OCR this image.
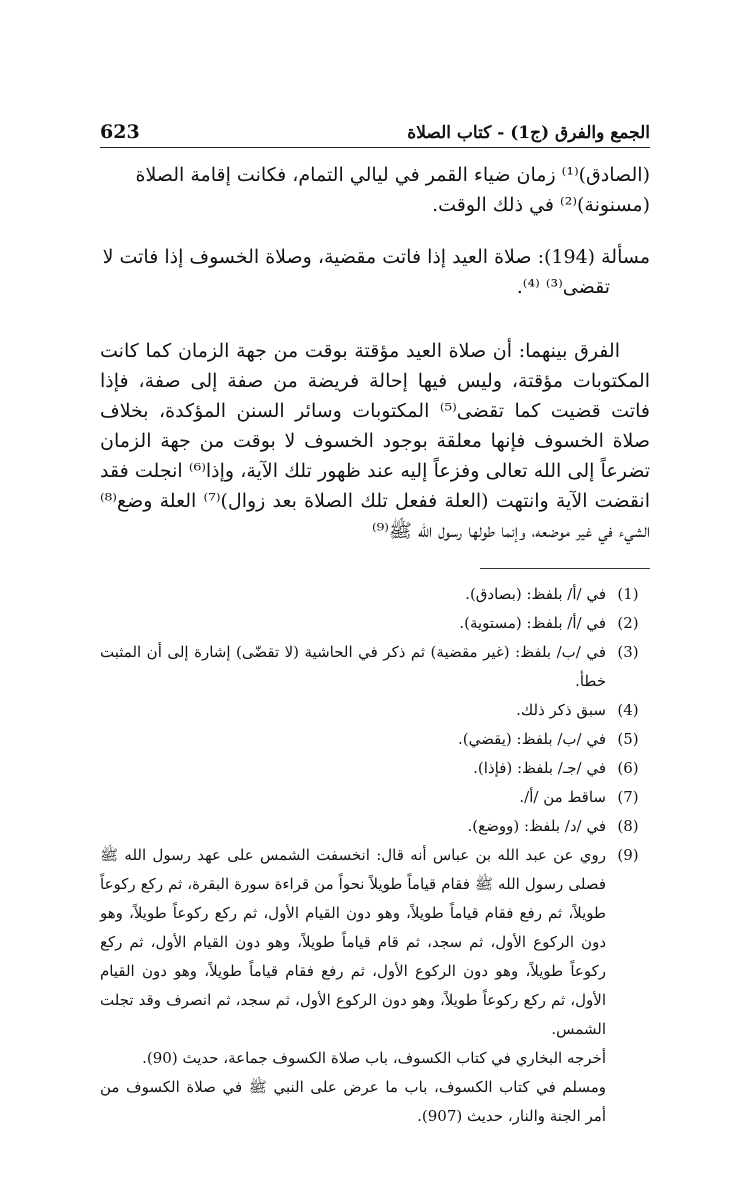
623	الجمع والفرق (ج1) - كتاب الصلاة

(الصادق)⁽¹⁾ زمان ضياء القمر في ليالي التمام، فكانت إقامة الصلاة
(مسنونة)⁽²⁾ في ذلك الوقت.

مسألة (194): صلاة العيد إذا فاتت مقضية، وصلاة الخسوف إذا فاتت لا
تقضى⁽³⁾ ⁽⁴⁾.

الفرق بينهما: أن صلاة العيد مؤقتة بوقت من جهة الزمان كما كانت المكتوبات مؤقتة، وليس فيها إحالة فريضة من صفة إلى صفة، فإذا فاتت قضيت كما تقضى⁽⁵⁾ المكتوبات وسائر السنن المؤكدة، بخلاف صلاة الخسوف فإنها معلقة بوجود الخسوف لا بوقت من جهة الزمان تضرعاً إلى الله تعالى وفزعاً إليه عند ظهور تلك الآية، وإذا⁽⁶⁾ انجلت فقد انقضت الآية وانتهت (العلة ففعل تلك الصلاة بعد زوال)⁽⁷⁾ العلة وضع⁽⁸⁾ الشيء في غير موضعه، وإنما طولها رسول الله ﷺ⁽⁹⁾

(1)
في /أ/ بلفظ: (بصادق).
(2)
في /أ/ بلفظ: (مستوية).
(3)
في /ب/ بلفظ: (غير مقضية) ثم ذكر في الحاشية (لا تقضّى) إشارة إلى أن المثبت خطأ.
(4)
سبق ذكر ذلك.
(5)
في /ب/ بلفظ: (يقضي).
(6)
في /جـ/ بلفظ: (فإذا).
(7)
ساقط من /أ/.
(8)
في /د/ بلفظ: (ووضع).
(9)
روي عن عبد الله بن عباس أنه قال: انخسفت الشمس على عهد رسول الله ﷺ فصلى رسول الله ﷺ فقام قياماً طويلاً نحواً من قراءة سورة البقرة، ثم ركع ركوعاً طويلاً، ثم رفع فقام قياماً طويلاً، وهو دون القيام الأول، ثم ركع ركوعاً طويلاً، وهو دون الركوع الأول، ثم سجد، ثم قام قياماً طويلاً، وهو دون القيام الأول، ثم ركع ركوعاً طويلاً، وهو دون الركوع الأول، ثم رفع فقام قياماً طويلاً، وهو دون القيام الأول، ثم ركع ركوعاً طويلاً، وهو دون الركوع الأول، ثم سجد، ثم انصرف وقد تجلت الشمس.
أخرجه البخاري في كتاب الكسوف، باب صلاة الكسوف جماعة، حديث (90).
ومسلم في كتاب الكسوف، باب ما عرض على النبي ﷺ في صلاة الكسوف من أمر الجنة والنار، حديث (907).
